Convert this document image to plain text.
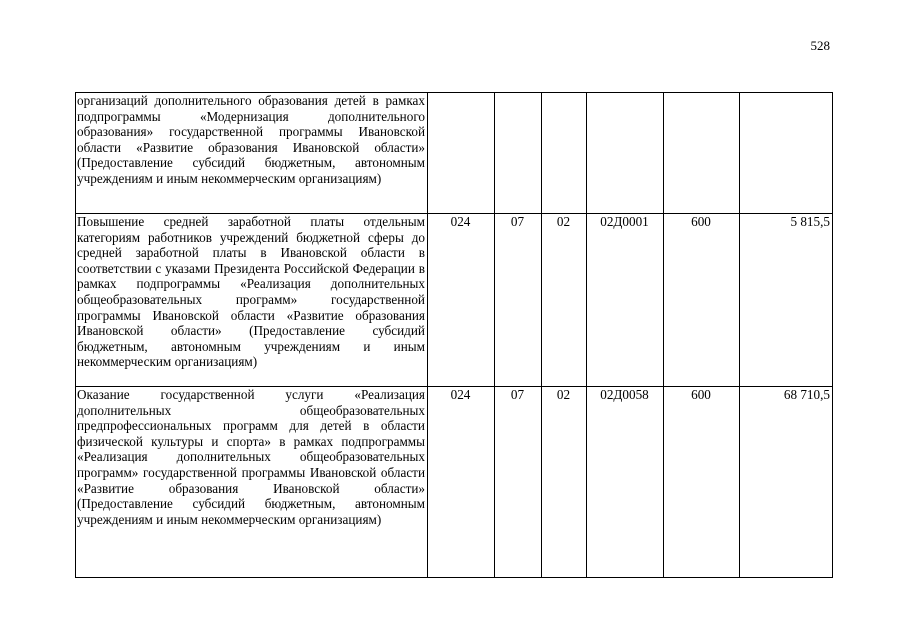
528
организаций дополнительного образования детей в рамках подпрограммы «Модернизация дополнительного образования» государственной программы Ивановской области «Развитие образования Ивановской области» (Предоставление субсидий бюджетным, автономным учреждениям и иным некоммерческим организациям)						
Повышение средней заработной платы отдельным категориям работников учреждений бюджетной сферы до средней заработной платы в Ивановской области в соответствии с указами Президента Российской Федерации в рамках подпрограммы «Реализация дополнительных общеобразовательных программ» государственной программы Ивановской области «Развитие образования Ивановской области» (Предоставление субсидий бюджетным, автономным учреждениям и иным некоммерческим организациям)	024	07	02	02Д0001	600	5 815,5
Оказание государственной услуги «Реализация дополнительных общеобразовательных предпрофессиональных программ для детей в области физической культуры и спорта» в рамках подпрограммы «Реализация дополнительных общеобразовательных программ» государственной программы Ивановской области «Развитие образования Ивановской области» (Предоставление субсидий бюджетным, автономным учреждениям и иным некоммерческим организациям)	024	07	02	02Д0058	600	68 710,5
